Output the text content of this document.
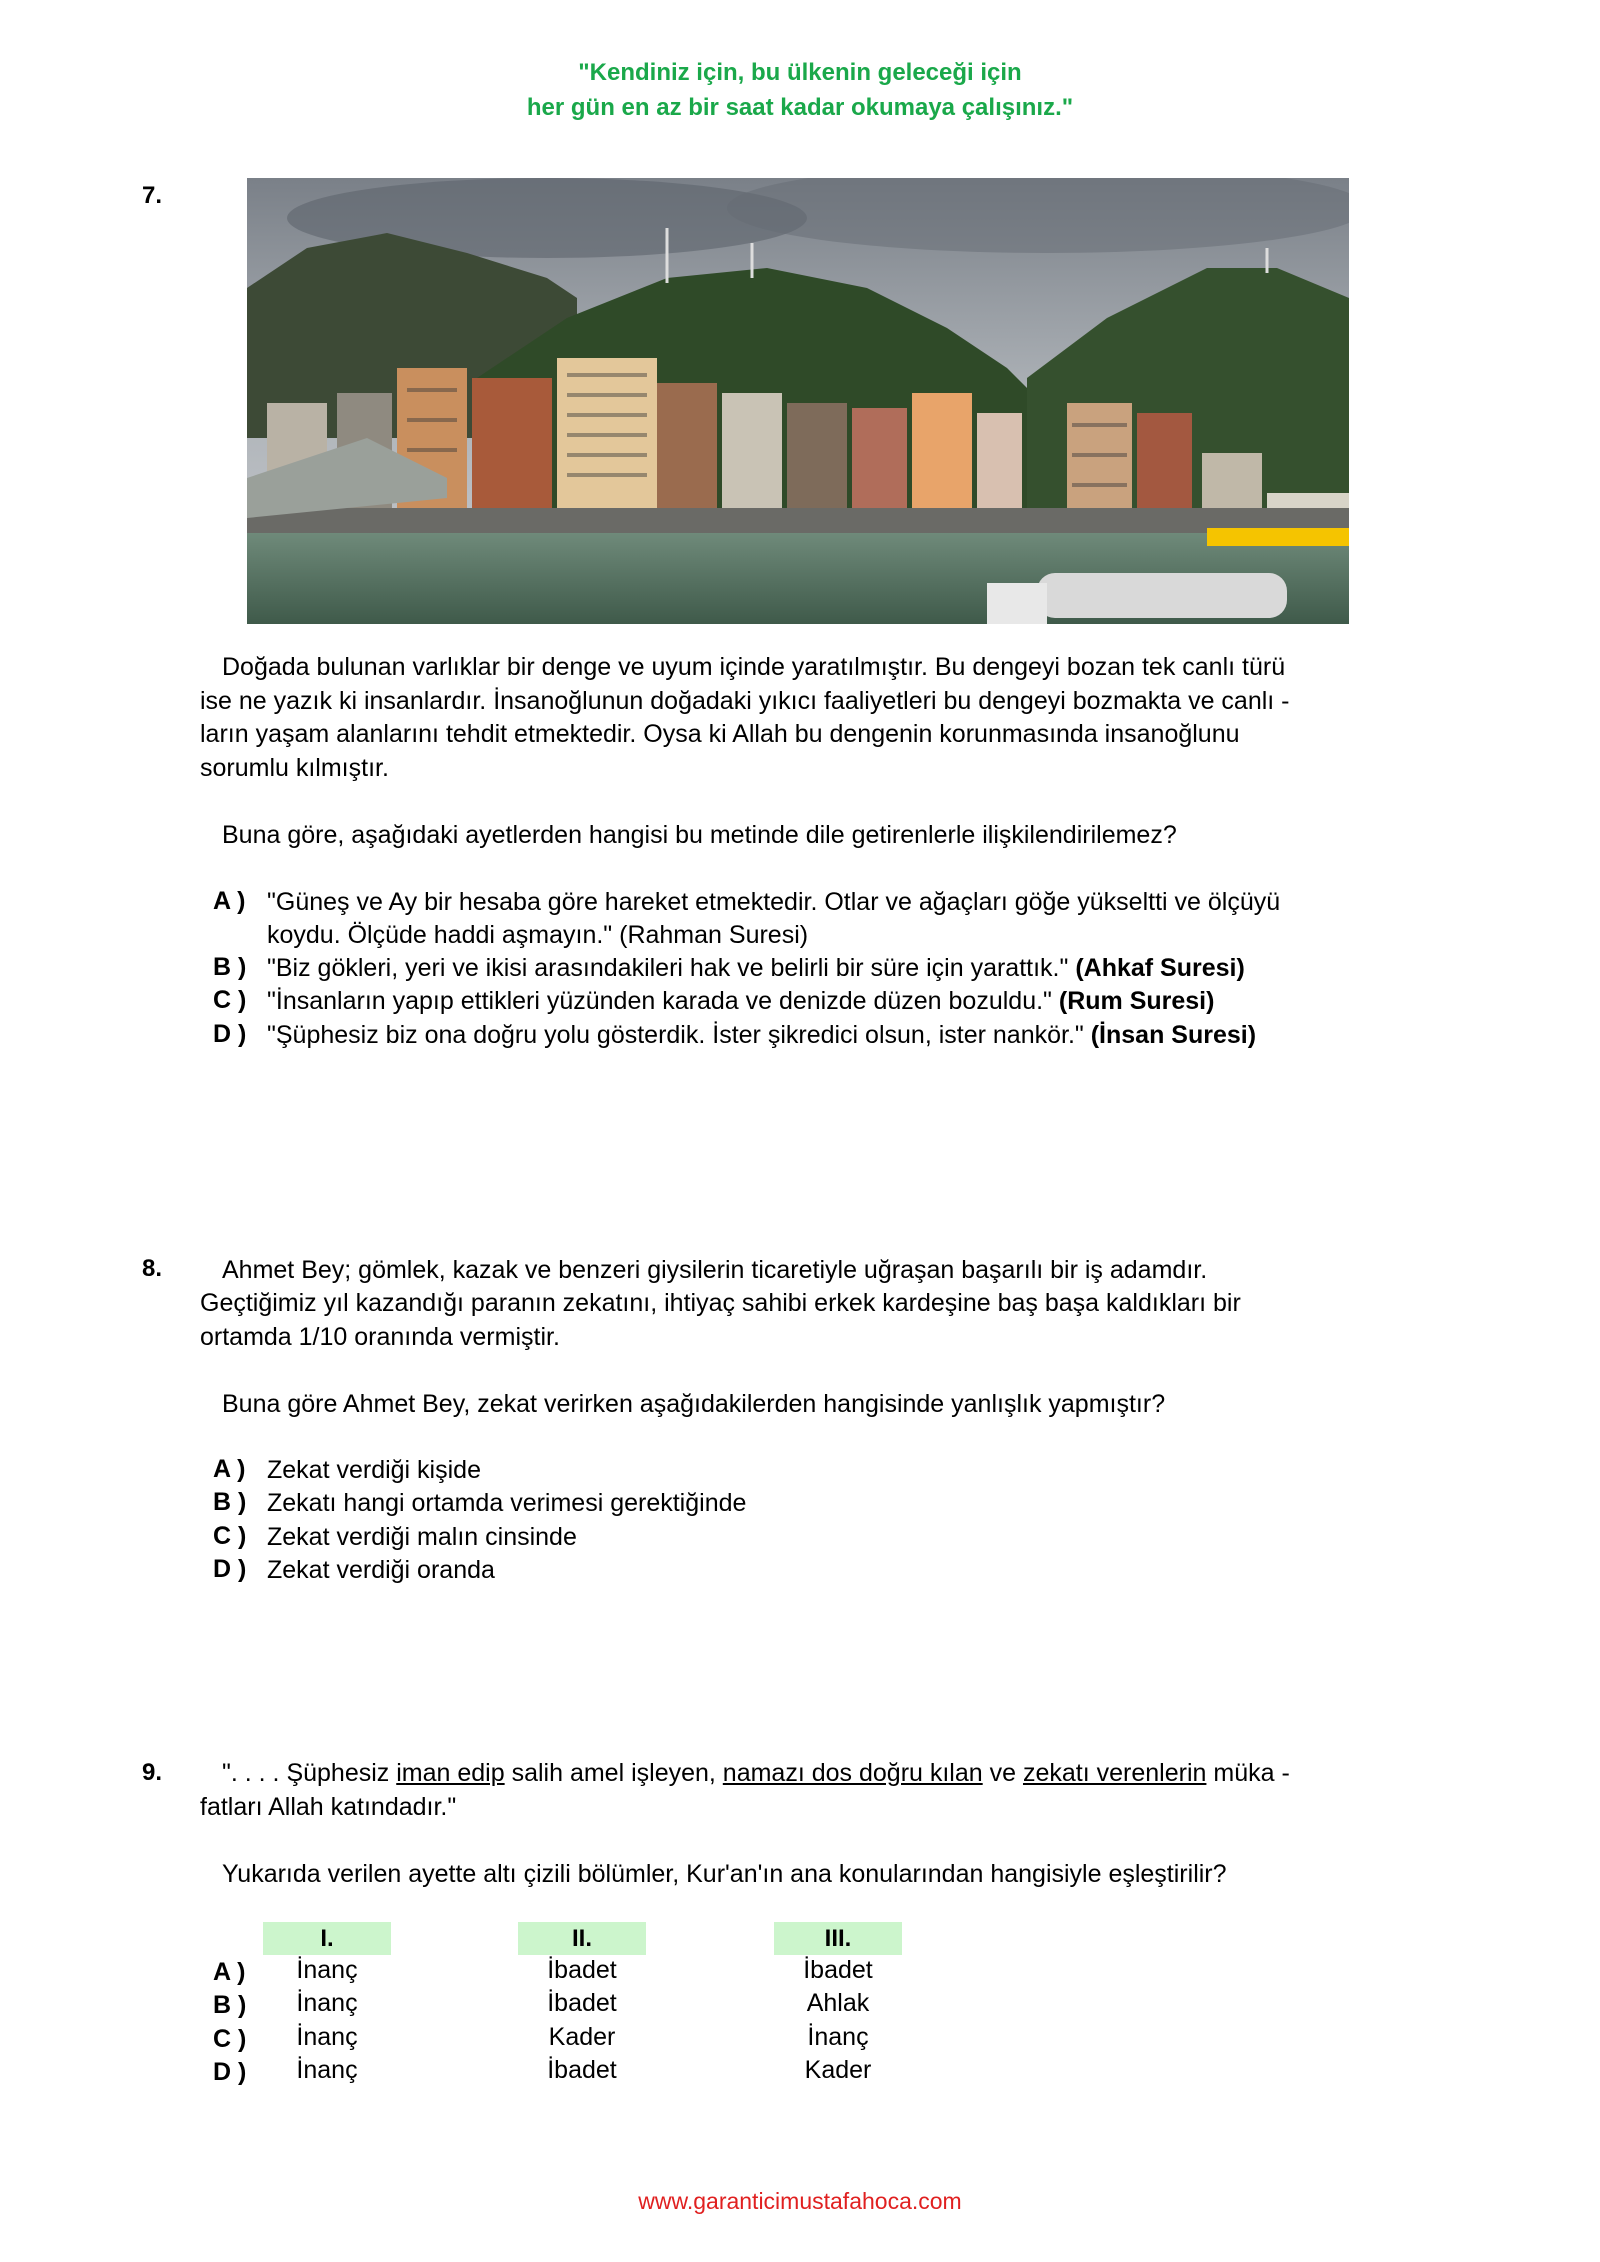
"Kendiniz için, bu ülkenin geleceği için
her gün en az bir saat kadar okumaya çalışınız."
7.
Doğada bulunan varlıklar bir denge ve uyum içinde yaratılmıştır. Bu dengeyi bozan tek canlı türü
ise ne yazık ki insanlardır. İnsanoğlunun doğadaki yıkıcı faaliyetleri bu dengeyi bozmakta ve canlı -
ların yaşam alanlarını tehdit etmektedir. Oysa ki Allah bu dengenin korunmasında insanoğlunu
sorumlu kılmıştır.
Buna göre, aşağıdaki ayetlerden hangisi bu metinde dile getirenlerle ilişkilendirilemez?
A ) "Güneş ve Ay bir hesaba göre hareket etmektedir. Otlar ve ağaçları göğe yükseltti ve ölçüyü
koydu. Ölçüde haddi aşmayın." (Rahman Suresi)
B ) "Biz gökleri, yeri ve ikisi arasındakileri hak ve belirli bir süre için yarattık." (Ahkaf Suresi)
C ) "İnsanların yapıp ettikleri yüzünden karada ve denizde düzen bozuldu." (Rum Suresi)
D ) "Şüphesiz biz ona doğru yolu gösterdik. İster şikredici olsun, ister nankör." (İnsan Suresi)
8. Ahmet Bey; gömlek, kazak ve benzeri giysilerin ticaretiyle uğraşan başarılı bir iş adamdır.
Geçtiğimiz yıl kazandığı paranın zekatını, ihtiyaç sahibi erkek kardeşine baş başa kaldıkları bir
ortamda 1/10 oranında vermiştir.
Buna göre Ahmet Bey, zekat verirken aşağıdakilerden hangisinde yanlışlık yapmıştır?
A ) Zekat verdiği kişide
B ) Zekatı hangi ortamda verimesi gerektiğinde
C ) Zekat verdiği malın cinsinde
D ) Zekat verdiği oranda
9. ". . . . Şüphesiz iman edip salih amel işleyen, namazı dos doğru kılan ve zekatı verenlerin müka -
fatları Allah katındadır."
Yukarıda verilen ayette altı çizili bölümler, Kur'an'ın ana konularından hangisiyle eşleştirilir?
I.	II.	III.
A )	İnanç	İbadet	İbadet
B )	İnanç	İbadet	Ahlak
C )	İnanç	Kader	İnanç
D )	İnanç	İbadet	Kader
www.garanticimustafahoca.com
